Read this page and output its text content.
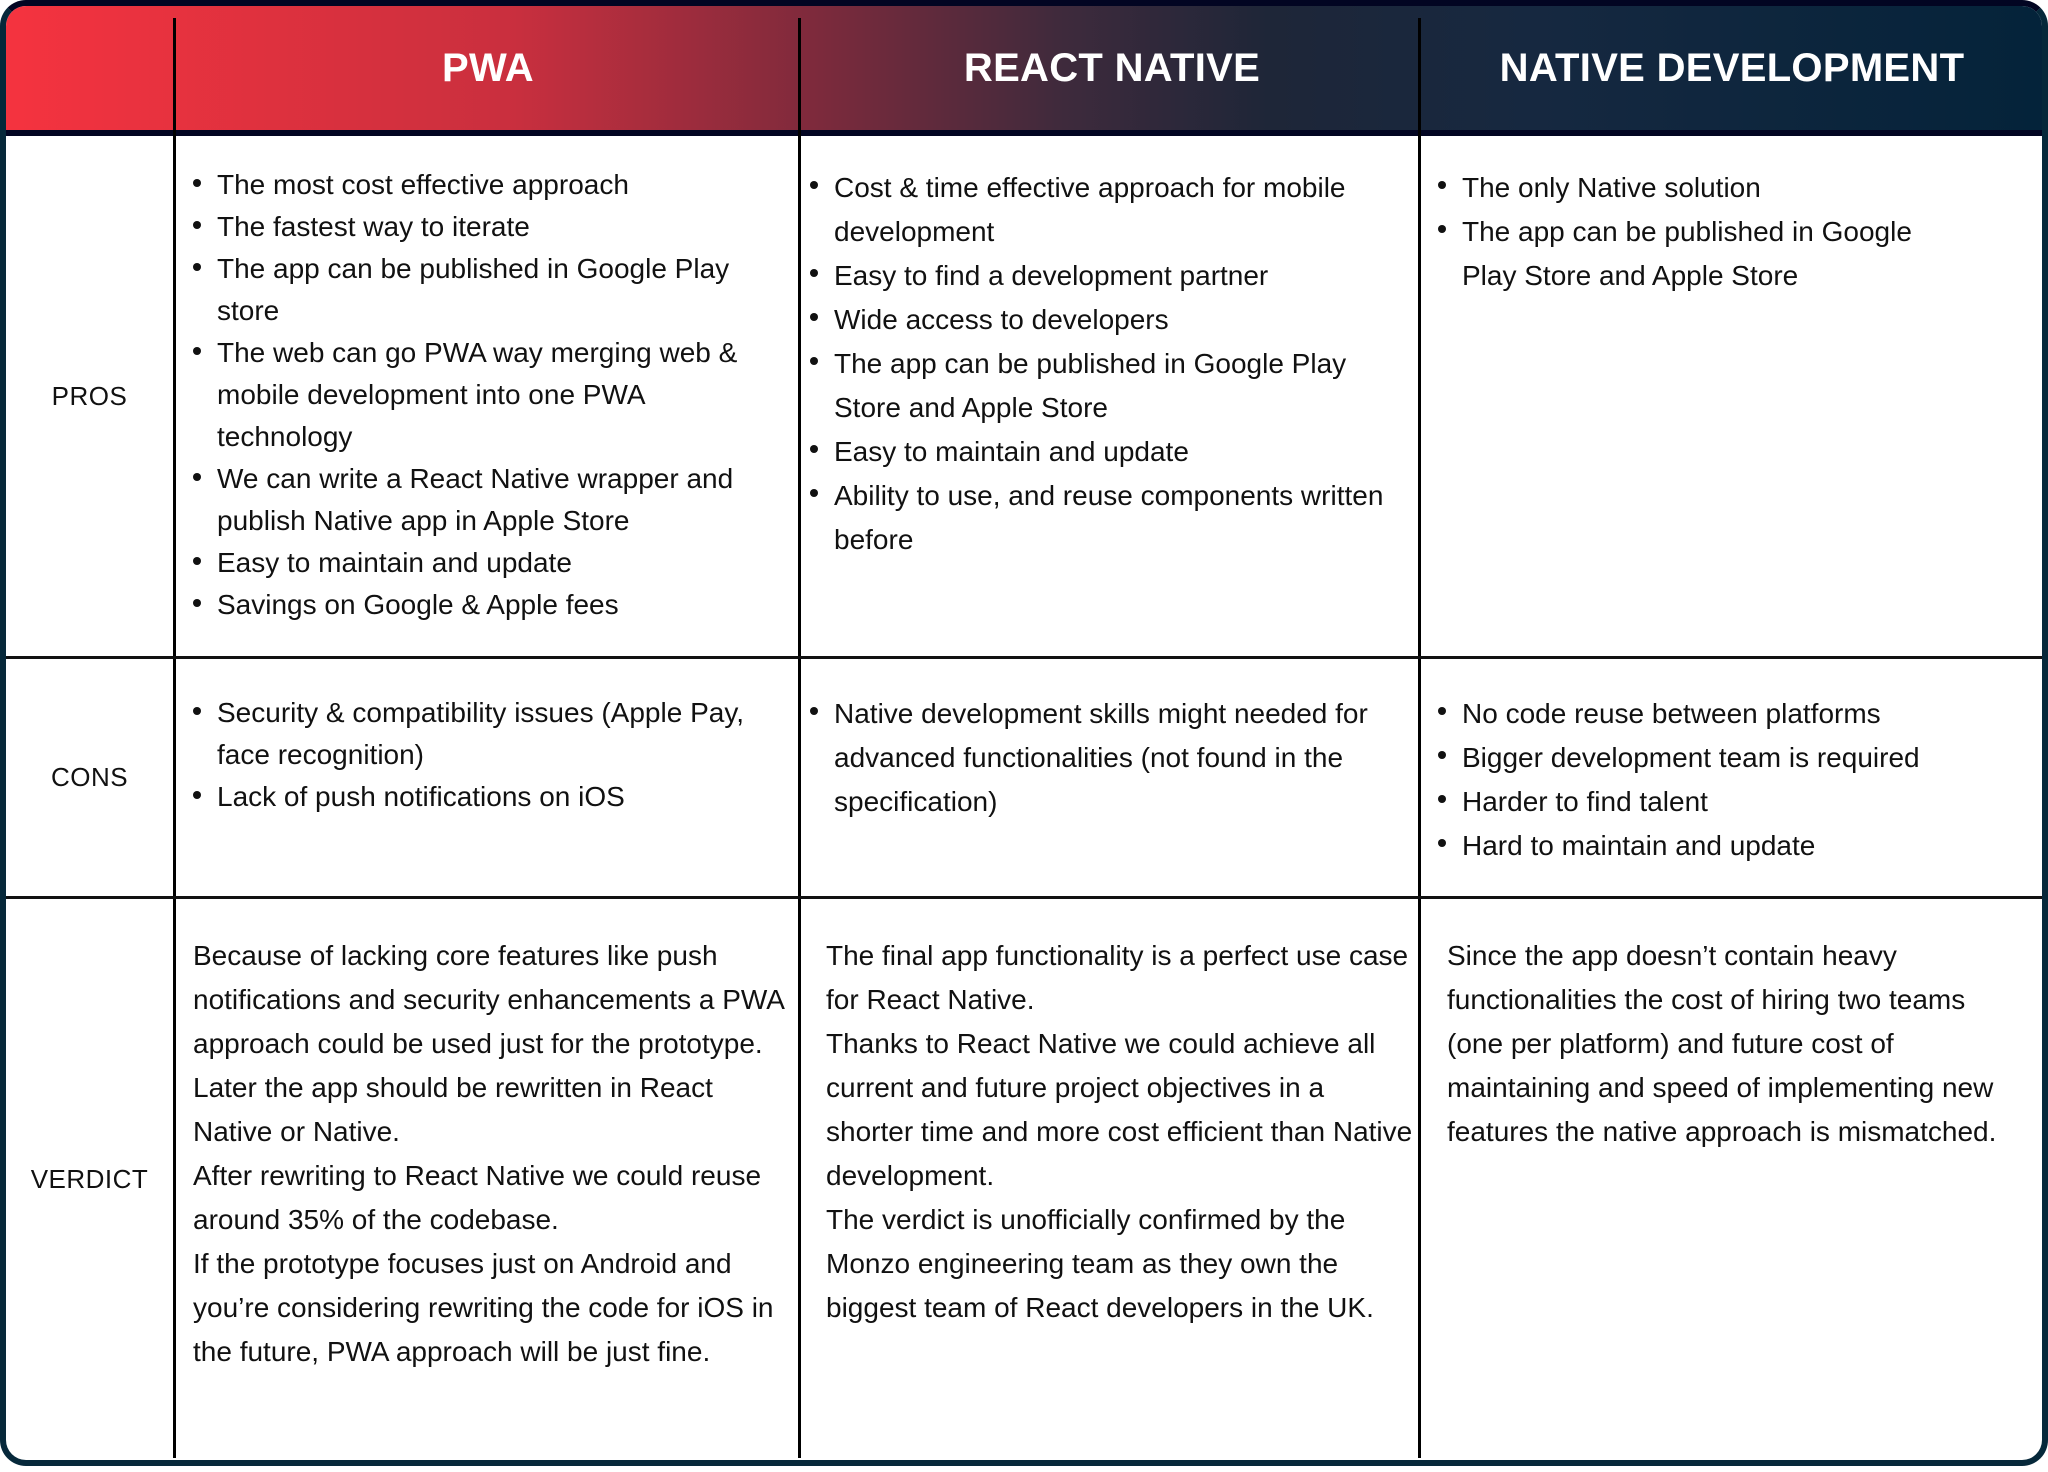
PWA	REACT NATIVE	NATIVE DEVELOPMENT
PROS
CONS
VERDICT
The most cost effective approach
The fastest way to iterate
The app can be published in Google Play store
The web can go PWA way merging web & mobile development into one PWA technology
We can write a React Native wrapper and publish Native app in Apple Store
Easy to maintain and update
Savings on Google & Apple fees
Cost & time effective approach for mobile development
Easy to find a development partner
Wide access to developers
The app can be published in Google Play Store and Apple Store
Easy to maintain and update
Ability to use, and reuse components written before
The only Native solution
The app can be published in Google Play Store and Apple Store
Security & compatibility issues (Apple Pay, face recognition)
Lack of push notifications on iOS
Native development skills might needed for advanced functionalities (not found in the specification)
No code reuse between platforms
Bigger development team is required
Harder to find talent
Hard to maintain and update

Because of lacking core features like push notifications and security enhancements a PWA approach could be used just for the prototype. Later the app should be rewritten in React Native or Native.

After rewriting to React Native we could reuse around 35% of the codebase.

If the prototype focuses just on Android and you’re considering rewriting the code for iOS in the future, PWA approach will be just fine.

The final app functionality is a perfect use case for React Native.

Thanks to React Native we could achieve all current and future project objectives in a shorter time and more cost efficient than Native development.

The verdict is unofficially confirmed by the Monzo engineering team as they own the biggest team of React developers in the UK.

Since the app doesn’t contain heavy functionalities the cost of hiring two teams (one per platform) and future cost of maintaining and speed of implementing new features the native approach is mismatched.
